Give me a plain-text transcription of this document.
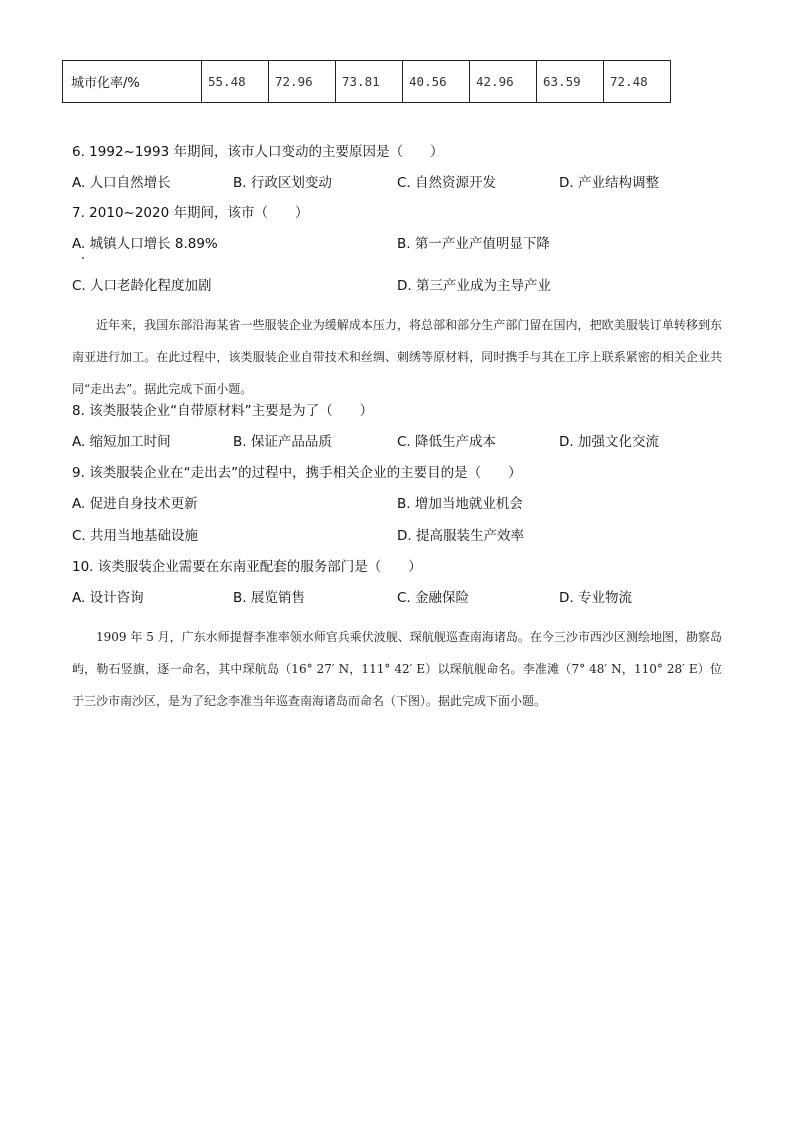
城市化率/%	55.48	72.96	73.81	40.56	42.96	63.59	72.48
6. 1992~1993 年期间，该市人口变动的主要原因是（　　）
A. 人口自然增长	B. 行政区划变动	C. 自然资源开发	D. 产业结构调整
7. 2010~2020 年期间，该市（　　）
A. 城镇人口增长 8.89%	B. 第一产业产值明显下降
C. 人口老龄化程度加剧	D. 第三产业成为主导产业

近年来，我国东部沿海某省一些服装企业为缓解成本压力，将总部和部分生产部门留在国内，把欧美服装订单转移到东南亚进行加工。在此过程中，该类服装企业自带技术和丝绸、刺绣等原材料，同时携手与其在工序上联系紧密的相关企业共同“走出去”。据此完成下面小题。

8. 该类服装企业“自带原材料”主要是为了（　　）
A. 缩短加工时间	B. 保证产品品质	C. 降低生产成本	D. 加强文化交流
9. 该类服装企业在“走出去”的过程中，携手相关企业的主要目的是（　　）
A. 促进自身技术更新	B. 增加当地就业机会
C. 共用当地基础设施	D. 提高服装生产效率
10. 该类服装企业需要在东南亚配套的服务部门是（　　）
A. 设计咨询	B. 展览销售	C. 金融保险	D. 专业物流

1909 年 5 月，广东水师提督李准率领水师官兵乘伏波舰、琛航舰巡查南海诸岛。在今三沙市西沙区测绘地图，勘察岛屿，勒石竖旗，逐一命名，其中琛航岛（16° 27′ N，111° 42′ E）以琛航舰命名。李准滩（7° 48′ N，110° 28′ E）位于三沙市南沙区，是为了纪念李准当年巡查南海诸岛而命名（下图）。据此完成下面小题。
